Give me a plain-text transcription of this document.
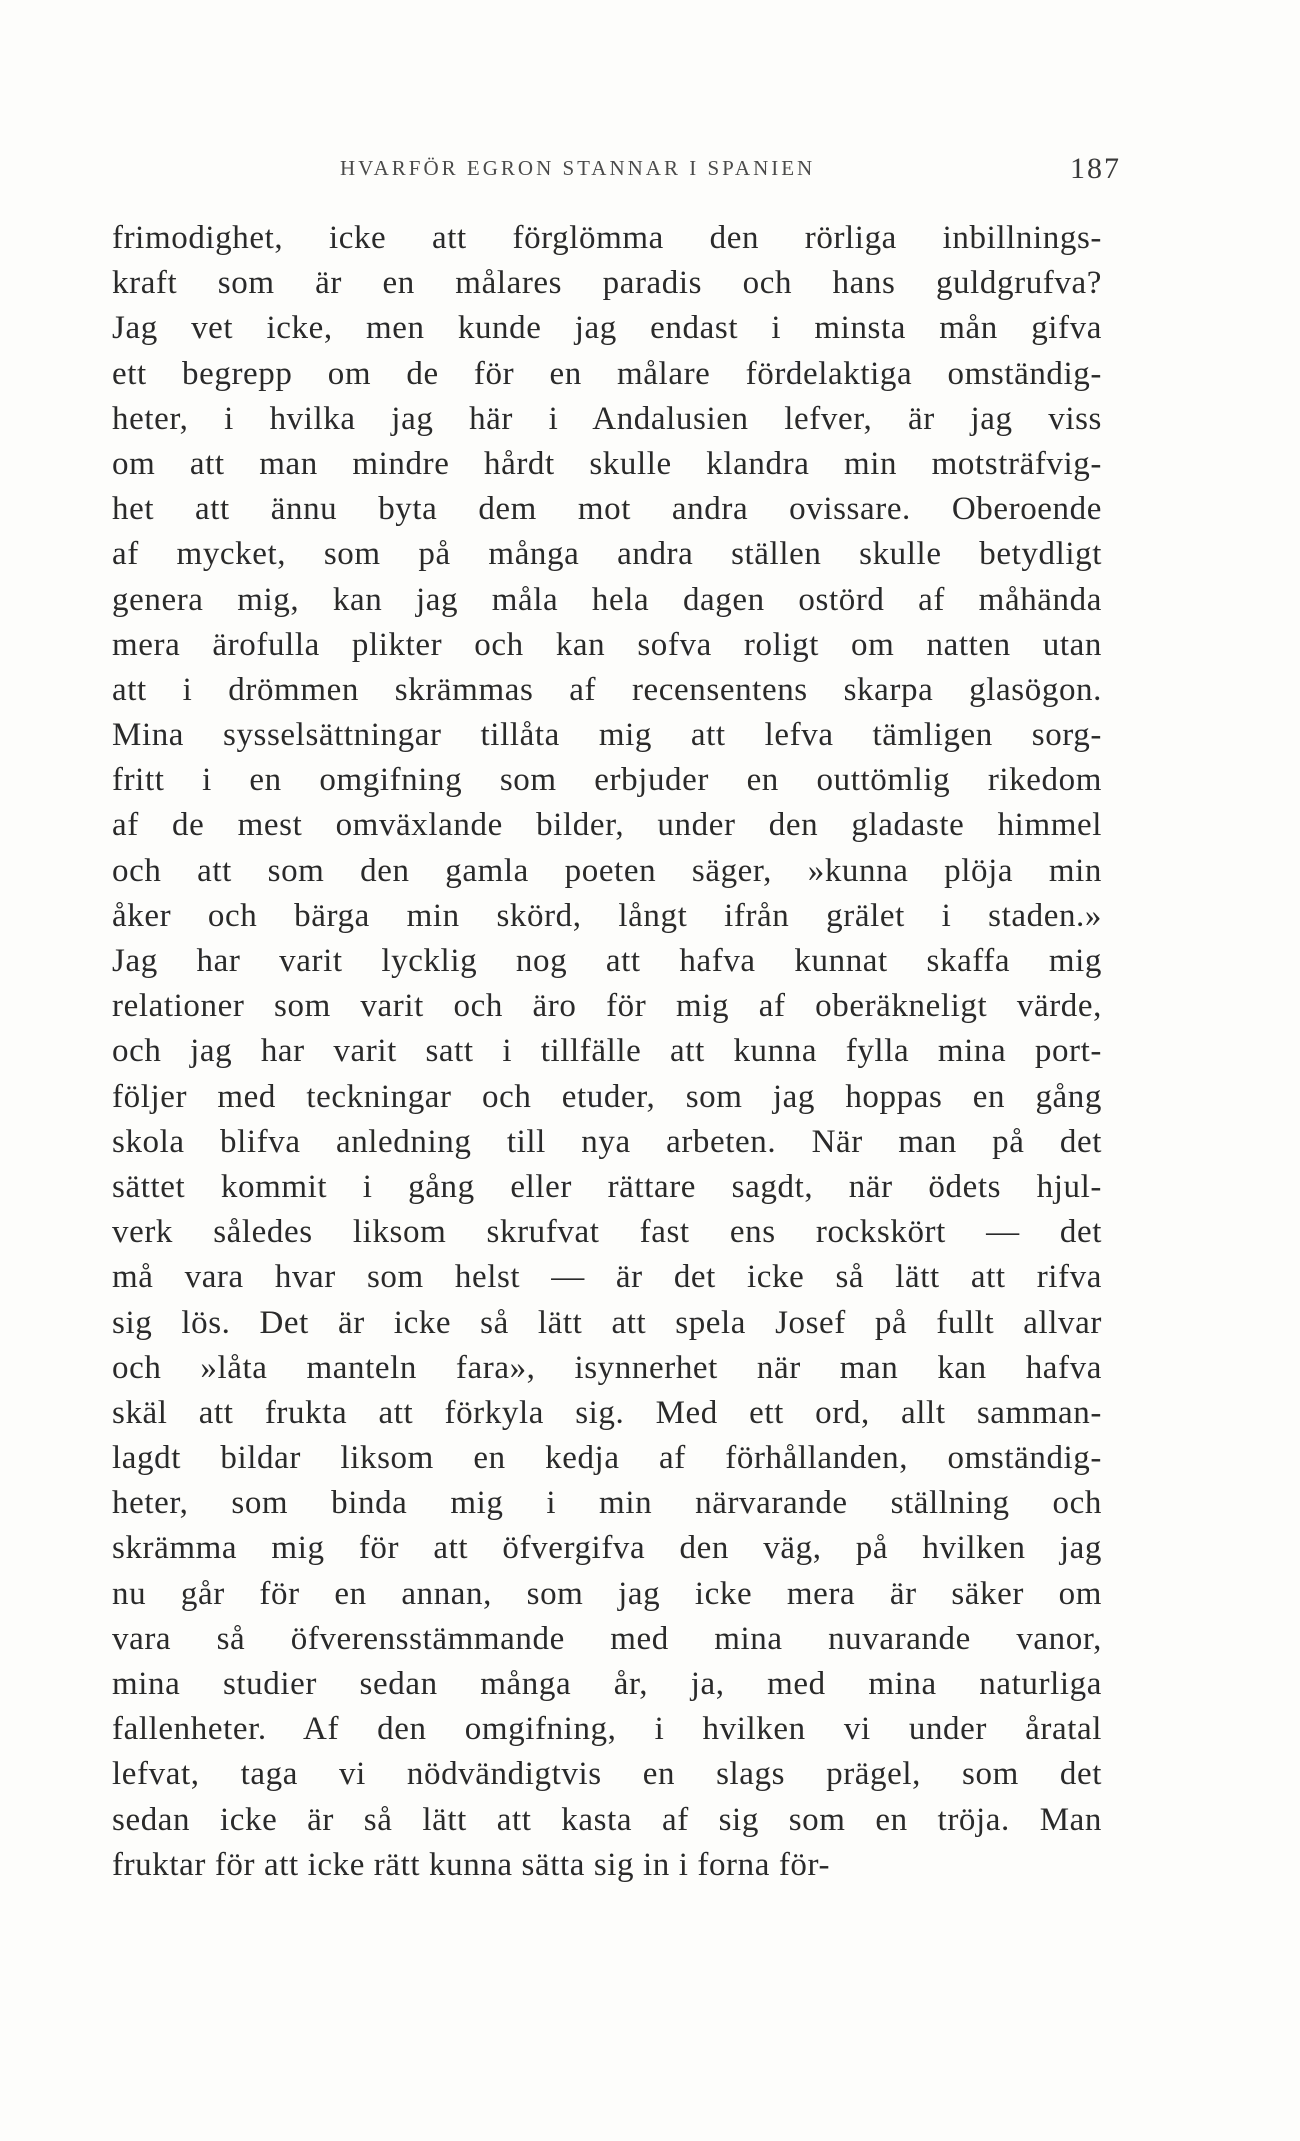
HVARFÖR EGRON STANNAR I SPANIEN	187
frimodighet, icke att förglömma den rörliga inbillnings-
kraft som är en målares paradis och hans guldgrufva?
Jag vet icke, men kunde jag endast i minsta mån gifva
ett begrepp om de för en målare fördelaktiga omständig-
heter, i hvilka jag här i Andalusien lefver, är jag viss
om att man mindre hårdt skulle klandra min motsträfvig-
het att ännu byta dem mot andra ovissare. Oberoende
af mycket, som på många andra ställen skulle betydligt
genera mig, kan jag måla hela dagen ostörd af måhända
mera ärofulla plikter och kan sofva roligt om natten utan
att i drömmen skrämmas af recensentens skarpa glasögon.
Mina sysselsättningar tillåta mig att lefva tämligen sorg-
fritt i en omgifning som erbjuder en outtömlig rikedom
af de mest omväxlande bilder, under den gladaste himmel
och att som den gamla poeten säger, »kunna plöja min
åker och bärga min skörd, långt ifrån grälet i staden.»
Jag har varit lycklig nog att hafva kunnat skaffa mig
relationer som varit och äro för mig af oberäkneligt värde,
och jag har varit satt i tillfälle att kunna fylla mina port-
följer med teckningar och etuder, som jag hoppas en gång
skola blifva anledning till nya arbeten. När man på det
sättet kommit i gång eller rättare sagdt, när ödets hjul-
verk således liksom skrufvat fast ens rockskört — det
må vara hvar som helst — är det icke så lätt att rifva
sig lös. Det är icke så lätt att spela Josef på fullt allvar
och »låta manteln fara», isynnerhet när man kan hafva
skäl att frukta att förkyla sig. Med ett ord, allt samman-
lagdt bildar liksom en kedja af förhållanden, omständig-
heter, som binda mig i min närvarande ställning och
skrämma mig för att öfvergifva den väg, på hvilken jag
nu går för en annan, som jag icke mera är säker om
vara så öfverensstämmande med mina nuvarande vanor,
mina studier sedan många år, ja, med mina naturliga
fallenheter. Af den omgifning, i hvilken vi under åratal
lefvat, taga vi nödvändigtvis en slags prägel, som det
sedan icke är så lätt att kasta af sig som en tröja. Man
fruktar för att icke rätt kunna sätta sig in i forna för-
